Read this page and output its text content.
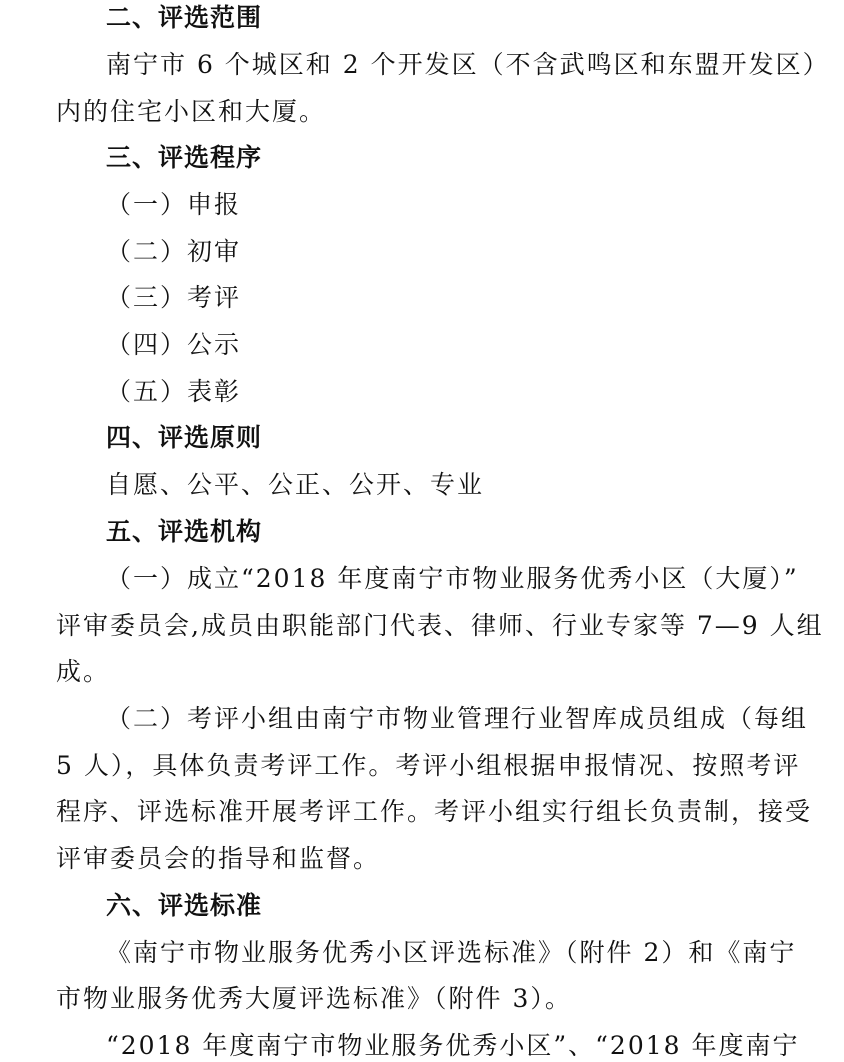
二、评选范围
南宁市 6 个城区和 2 个开发区（不含武鸣区和东盟开发区）
内的住宅小区和大厦。
三、评选程序
（一）申报
（二）初审
（三）考评
（四）公示
（五）表彰
四、评选原则
自愿、公平、公正、公开、专业
五、评选机构
（一）成立“2018 年度南宁市物业服务优秀小区（大厦）”
评审委员会,成员由职能部门代表、律师、行业专家等 7—9 人组
成。
（二）考评小组由南宁市物业管理行业智库成员组成（每组
5 人），具体负责考评工作。考评小组根据申报情况、按照考评
程序、评选标准开展考评工作。考评小组实行组长负责制，接受
评审委员会的指导和监督。
六、评选标准
《南宁市物业服务优秀小区评选标准》（附件 2）和《南宁
市物业服务优秀大厦评选标准》（附件 3）。
“2018 年度南宁市物业服务优秀小区”、“2018 年度南宁
